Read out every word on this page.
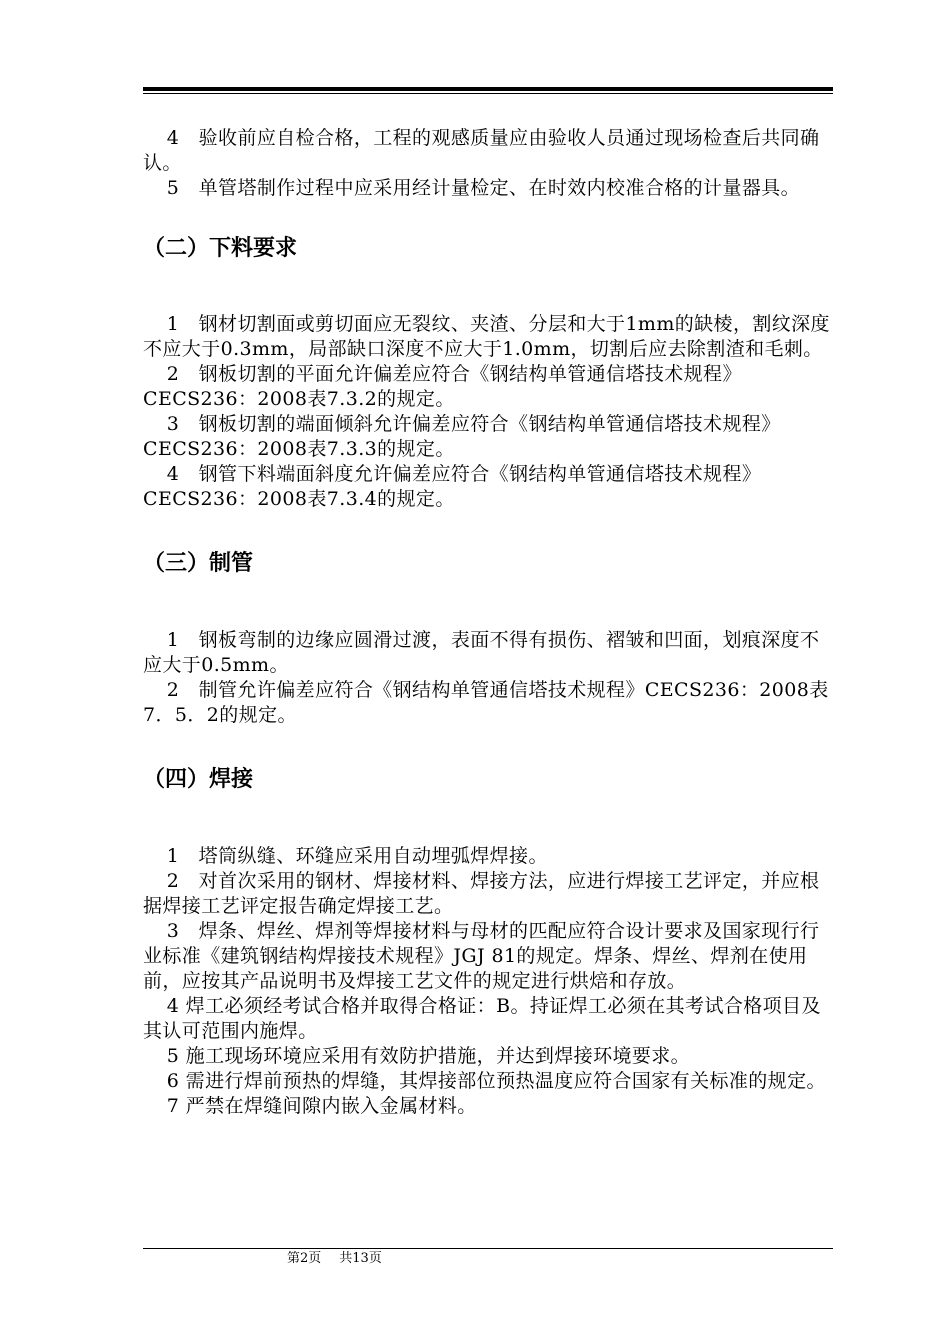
4　验收前应自检合格，工程的观感质量应由验收人员通过现场检查后共同确认。

5　单管塔制作过程中应采用经计量检定、在时效内校准合格的计量器具。

（二）下料要求

1　钢材切割面或剪切面应无裂纹、夹渣、分层和大于1mm的缺棱，割纹深度不应大于0.3mm，局部缺口深度不应大于1.0mm，切割后应去除割渣和毛刺。

2　钢板切割的平面允许偏差应符合《钢结构单管通信塔技术规程》CECS236：2008表7.3.2的规定。

3　钢板切割的端面倾斜允许偏差应符合《钢结构单管通信塔技术规程》CECS236：2008表7.3.3的规定。

4　钢管下料端面斜度允许偏差应符合《钢结构单管通信塔技术规程》CECS236：2008表7.3.4的规定。

（三）制管

1　钢板弯制的边缘应圆滑过渡，表面不得有损伤、褶皱和凹面，划痕深度不应大于0.5mm。

2　制管允许偏差应符合《钢结构单管通信塔技术规程》CECS236：2008表7．5．2的规定。

（四）焊接

1　塔筒纵缝、环缝应采用自动埋弧焊焊接。

2　对首次采用的钢材、焊接材料、焊接方法，应进行焊接工艺评定，并应根据焊接工艺评定报告确定焊接工艺。

3　焊条、焊丝、焊剂等焊接材料与母材的匹配应符合设计要求及国家现行行业标准《建筑钢结构焊接技术规程》JGJ 81的规定。焊条、焊丝、焊剂在使用前，应按其产品说明书及焊接工艺文件的规定进行烘焙和存放。

4 焊工必须经考试合格并取得合格证：B。持证焊工必须在其考试合格项目及其认可范围内施焊。

5 施工现场环境应采用有效防护措施，并达到焊接环境要求。

6 需进行焊前预热的焊缝，其焊接部位预热温度应符合国家有关标准的规定。

7 严禁在焊缝间隙内嵌入金属材料。

第2页 共13页
